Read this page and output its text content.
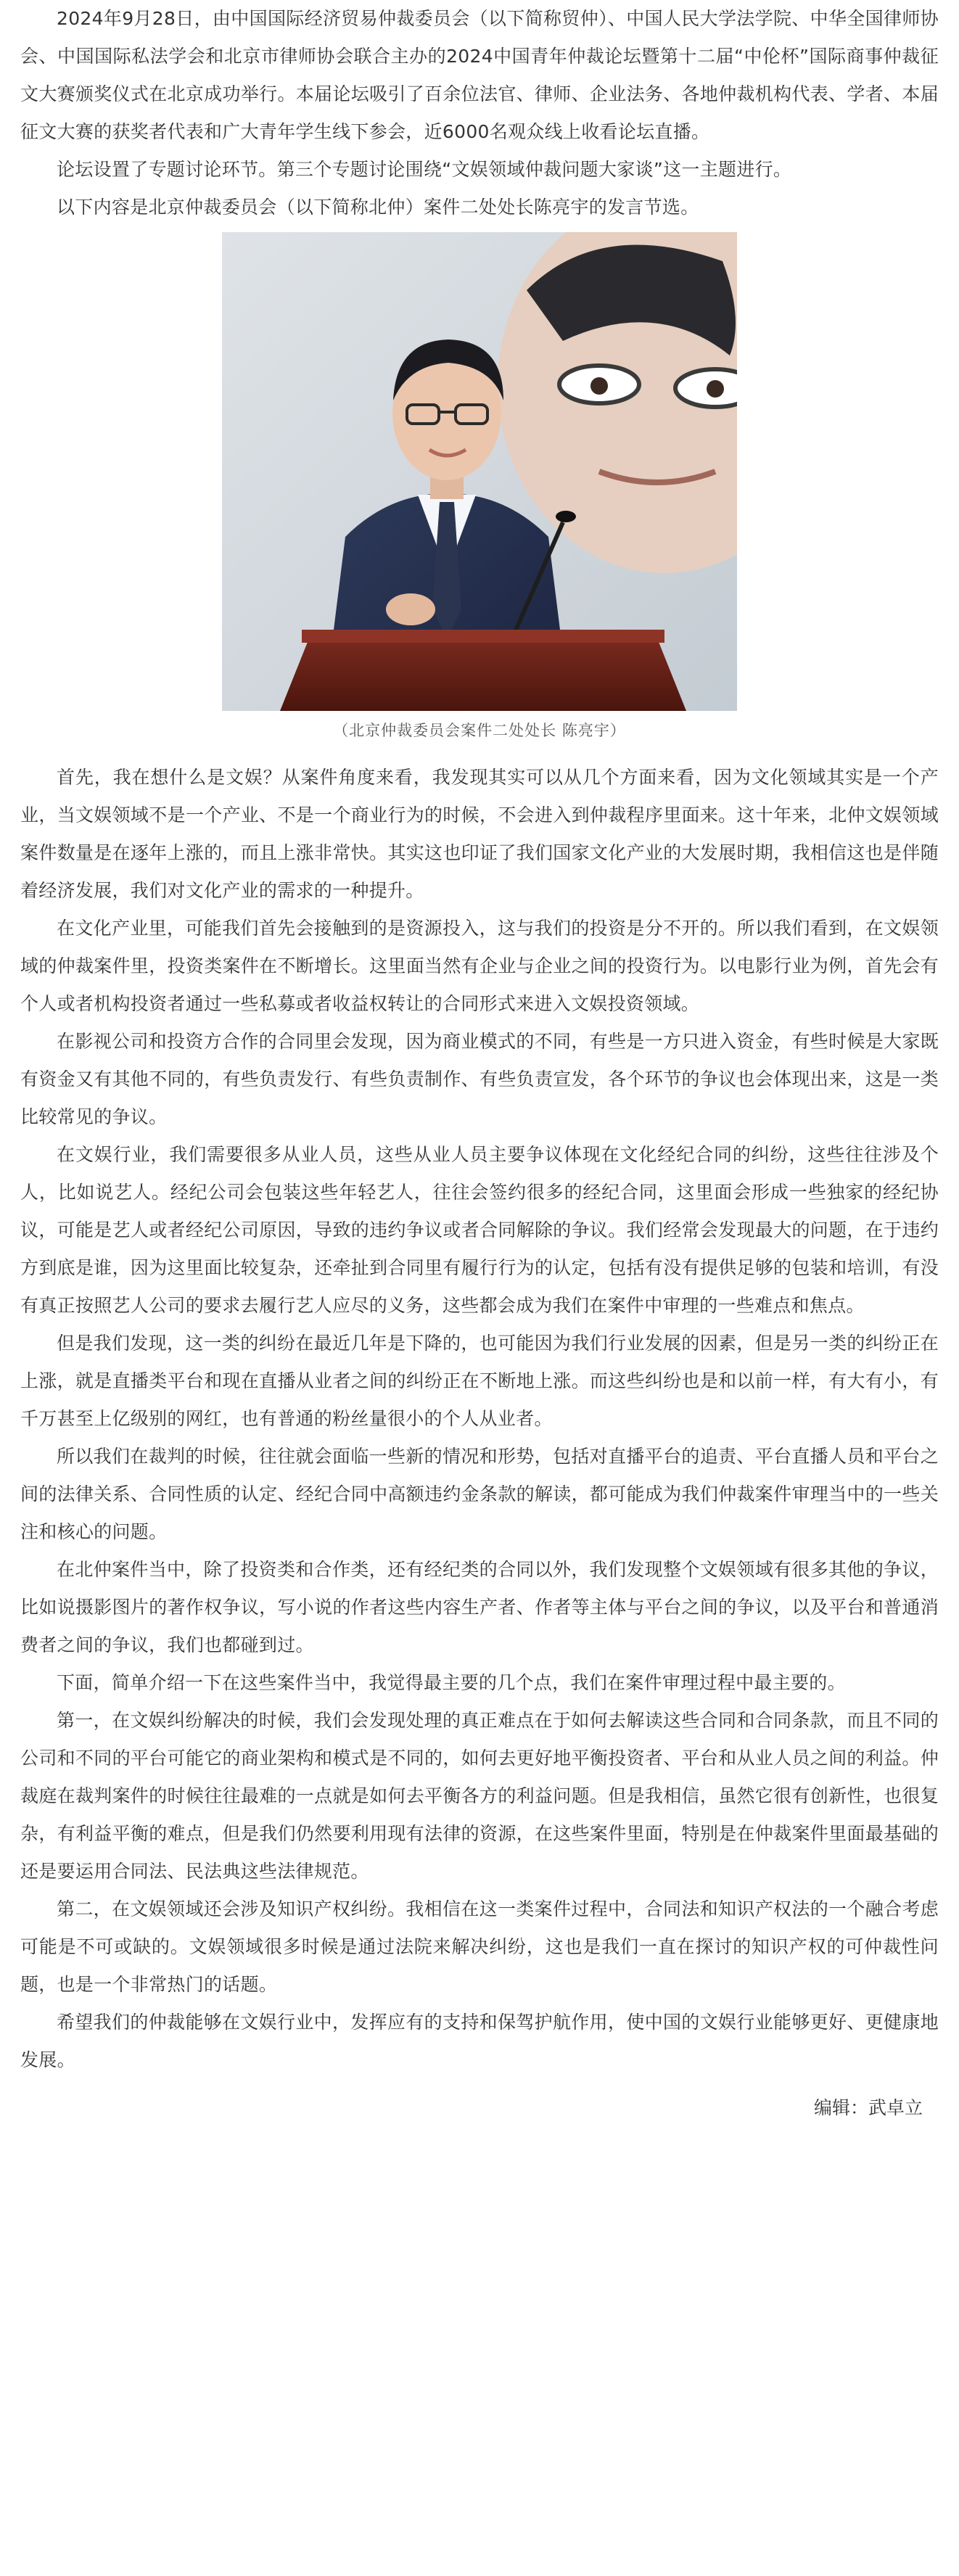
2024年9月28日，由中国国际经济贸易仲裁委员会（以下简称贸仲）、中国人民大学法学院、中华全国律师协会、中国国际私法学会和北京市律师协会联合主办的2024中国青年仲裁论坛暨第十二届“中伦杯”国际商事仲裁征文大赛颁奖仪式在北京成功举行。本届论坛吸引了百余位法官、律师、企业法务、各地仲裁机构代表、学者、本届征文大赛的获奖者代表和广大青年学生线下参会，近6000名观众线上收看论坛直播。

论坛设置了专题讨论环节。第三个专题讨论围绕“文娱领域仲裁问题大家谈”这一主题进行。

以下内容是北京仲裁委员会（以下简称北仲）案件二处处长陈亮宇的发言节选。

（北京仲裁委员会案件二处处长 陈亮宇）

首先，我在想什么是文娱？从案件角度来看，我发现其实可以从几个方面来看，因为文化领域其实是一个产业，当文娱领域不是一个产业、不是一个商业行为的时候，不会进入到仲裁程序里面来。这十年来，北仲文娱领域案件数量是在逐年上涨的，而且上涨非常快。其实这也印证了我们国家文化产业的大发展时期，我相信这也是伴随着经济发展，我们对文化产业的需求的一种提升。

在文化产业里，可能我们首先会接触到的是资源投入，这与我们的投资是分不开的。所以我们看到，在文娱领域的仲裁案件里，投资类案件在不断增长。这里面当然有企业与企业之间的投资行为。以电影行业为例，首先会有个人或者机构投资者通过一些私募或者收益权转让的合同形式来进入文娱投资领域。

在影视公司和投资方合作的合同里会发现，因为商业模式的不同，有些是一方只进入资金，有些时候是大家既有资金又有其他不同的，有些负责发行、有些负责制作、有些负责宣发，各个环节的争议也会体现出来，这是一类比较常见的争议。

在文娱行业，我们需要很多从业人员，这些从业人员主要争议体现在文化经纪合同的纠纷，这些往往涉及个人，比如说艺人。经纪公司会包装这些年轻艺人，往往会签约很多的经纪合同，这里面会形成一些独家的经纪协议，可能是艺人或者经纪公司原因，导致的违约争议或者合同解除的争议。我们经常会发现最大的问题，在于违约方到底是谁，因为这里面比较复杂，还牵扯到合同里有履行行为的认定，包括有没有提供足够的包装和培训，有没有真正按照艺人公司的要求去履行艺人应尽的义务，这些都会成为我们在案件中审理的一些难点和焦点。

但是我们发现，这一类的纠纷在最近几年是下降的，也可能因为我们行业发展的因素，但是另一类的纠纷正在上涨，就是直播类平台和现在直播从业者之间的纠纷正在不断地上涨。而这些纠纷也是和以前一样，有大有小，有千万甚至上亿级别的网红，也有普通的粉丝量很小的个人从业者。

所以我们在裁判的时候，往往就会面临一些新的情况和形势，包括对直播平台的追责、平台直播人员和平台之间的法律关系、合同性质的认定、经纪合同中高额违约金条款的解读，都可能成为我们仲裁案件审理当中的一些关注和核心的问题。

在北仲案件当中，除了投资类和合作类，还有经纪类的合同以外，我们发现整个文娱领域有很多其他的争议，比如说摄影图片的著作权争议，写小说的作者这些内容生产者、作者等主体与平台之间的争议，以及平台和普通消费者之间的争议，我们也都碰到过。

下面，简单介绍一下在这些案件当中，我觉得最主要的几个点，我们在案件审理过程中最主要的。

第一，在文娱纠纷解决的时候，我们会发现处理的真正难点在于如何去解读这些合同和合同条款，而且不同的公司和不同的平台可能它的商业架构和模式是不同的，如何去更好地平衡投资者、平台和从业人员之间的利益。仲裁庭在裁判案件的时候往往最难的一点就是如何去平衡各方的利益问题。但是我相信，虽然它很有创新性，也很复杂，有利益平衡的难点，但是我们仍然要利用现有法律的资源，在这些案件里面，特别是在仲裁案件里面最基础的还是要运用合同法、民法典这些法律规范。

第二，在文娱领域还会涉及知识产权纠纷。我相信在这一类案件过程中，合同法和知识产权法的一个融合考虑可能是不可或缺的。文娱领域很多时候是通过法院来解决纠纷，这也是我们一直在探讨的知识产权的可仲裁性问题，也是一个非常热门的话题。

希望我们的仲裁能够在文娱行业中，发挥应有的支持和保驾护航作用，使中国的文娱行业能够更好、更健康地发展。

编辑：武卓立
